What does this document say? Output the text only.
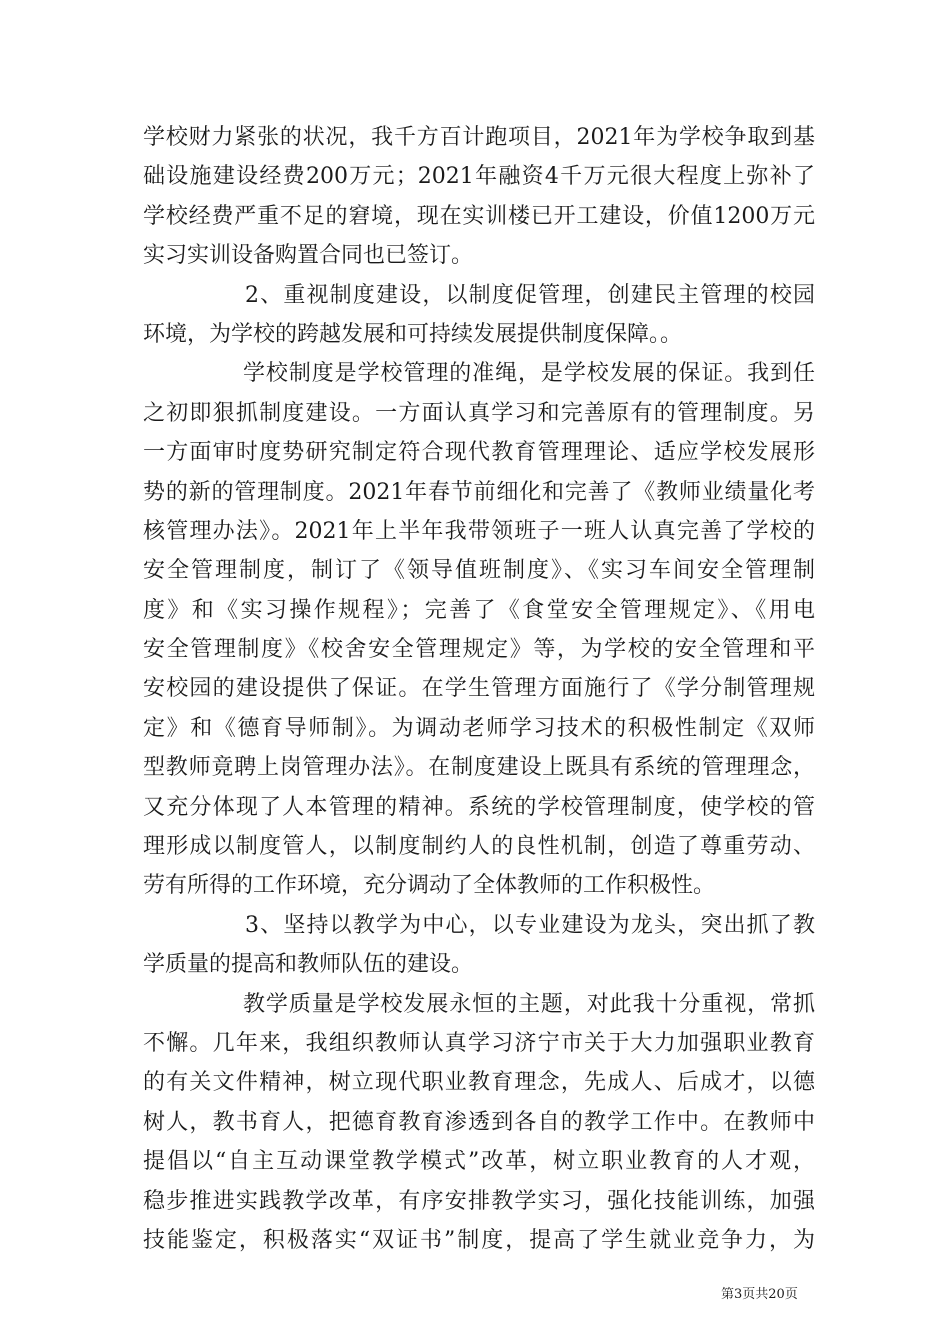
学校财力紧张的状况，我千方百计跑项目，2021年为学校争取到基
础设施建设经费200万元；2021年融资4千万元很大程度上弥补了
学校经费严重不足的窘境，现在实训楼已开工建设，价值1200万元
实习实训设备购置合同也已签订。
2、重视制度建设，以制度促管理，创建民主管理的校园
环境，为学校的跨越发展和可持续发展提供制度保障。。
学校制度是学校管理的准绳，是学校发展的保证。我到任
之初即狠抓制度建设。一方面认真学习和完善原有的管理制度。另
一方面审时度势研究制定符合现代教育管理理论、适应学校发展形
势的新的管理制度。2021年春节前细化和完善了《教师业绩量化考
核管理办法》。2021年上半年我带领班子一班人认真完善了学校的
安全管理制度，制订了《领导值班制度》、《实习车间安全管理制
度》和《实习操作规程》；完善了《食堂安全管理规定》、《用电
安全管理制度》《校舍安全管理规定》等，为学校的安全管理和平
安校园的建设提供了保证。在学生管理方面施行了《学分制管理规
定》和《德育导师制》。为调动老师学习技术的积极性制定《双师
型教师竟聘上岗管理办法》。在制度建设上既具有系统的管理理念，
又充分体现了人本管理的精神。系统的学校管理制度，使学校的管
理形成以制度管人，以制度制约人的良性机制，创造了尊重劳动、
劳有所得的工作环境，充分调动了全体教师的工作积极性。
3、坚持以教学为中心，以专业建设为龙头，突出抓了教
学质量的提高和教师队伍的建设。
教学质量是学校发展永恒的主题，对此我十分重视，常抓
不懈。几年来，我组织教师认真学习济宁市关于大力加强职业教育
的有关文件精神，树立现代职业教育理念，先成人、后成才，以德
树人，教书育人，把德育教育渗透到各自的教学工作中。在教师中
提倡以“自主互动课堂教学模式”改革，树立职业教育的人才观，
稳步推进实践教学改革，有序安排教学实习，强化技能训练，加强
技能鉴定，积极落实“双证书”制度，提高了学生就业竞争力，为
第3页共20页
